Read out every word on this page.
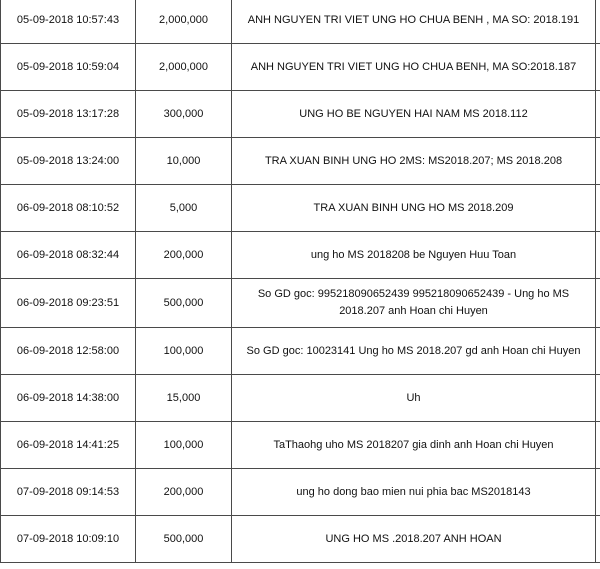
05-09-2018 10:57:43	2,000,000	ANH NGUYEN TRI VIET UNG HO CHUA BENH , MA SO: 2018.191	
05-09-2018 10:59:04	2,000,000	ANH NGUYEN TRI VIET UNG HO CHUA BENH, MA SO:2018.187	
05-09-2018 13:17:28	300,000	UNG HO BE NGUYEN HAI NAM MS 2018.112	
05-09-2018 13:24:00	10,000	TRA XUAN BINH UNG HO 2MS: MS2018.207; MS 2018.208	
06-09-2018 08:10:52	5,000	TRA XUAN BINH UNG HO MS 2018.209	
06-09-2018 08:32:44	200,000	ung ho MS 2018208 be Nguyen Huu Toan	
06-09-2018 09:23:51	500,000	So GD goc: 995218090652439 995218090652439 - Ung ho MS 2018.207 anh Hoan chi Huyen	
06-09-2018 12:58:00	100,000	So GD goc: 10023141 Ung ho MS 2018.207 gd anh Hoan chi Huyen	
06-09-2018 14:38:00	15,000	Uh	
06-09-2018 14:41:25	100,000	TaThaohg uho MS 2018207 gia dinh anh Hoan chi Huyen	
07-09-2018 09:14:53	200,000	ung ho dong bao mien nui phia bac MS2018143	
07-09-2018 10:09:10	500,000	UNG HO MS .2018.207 ANH HOAN	
